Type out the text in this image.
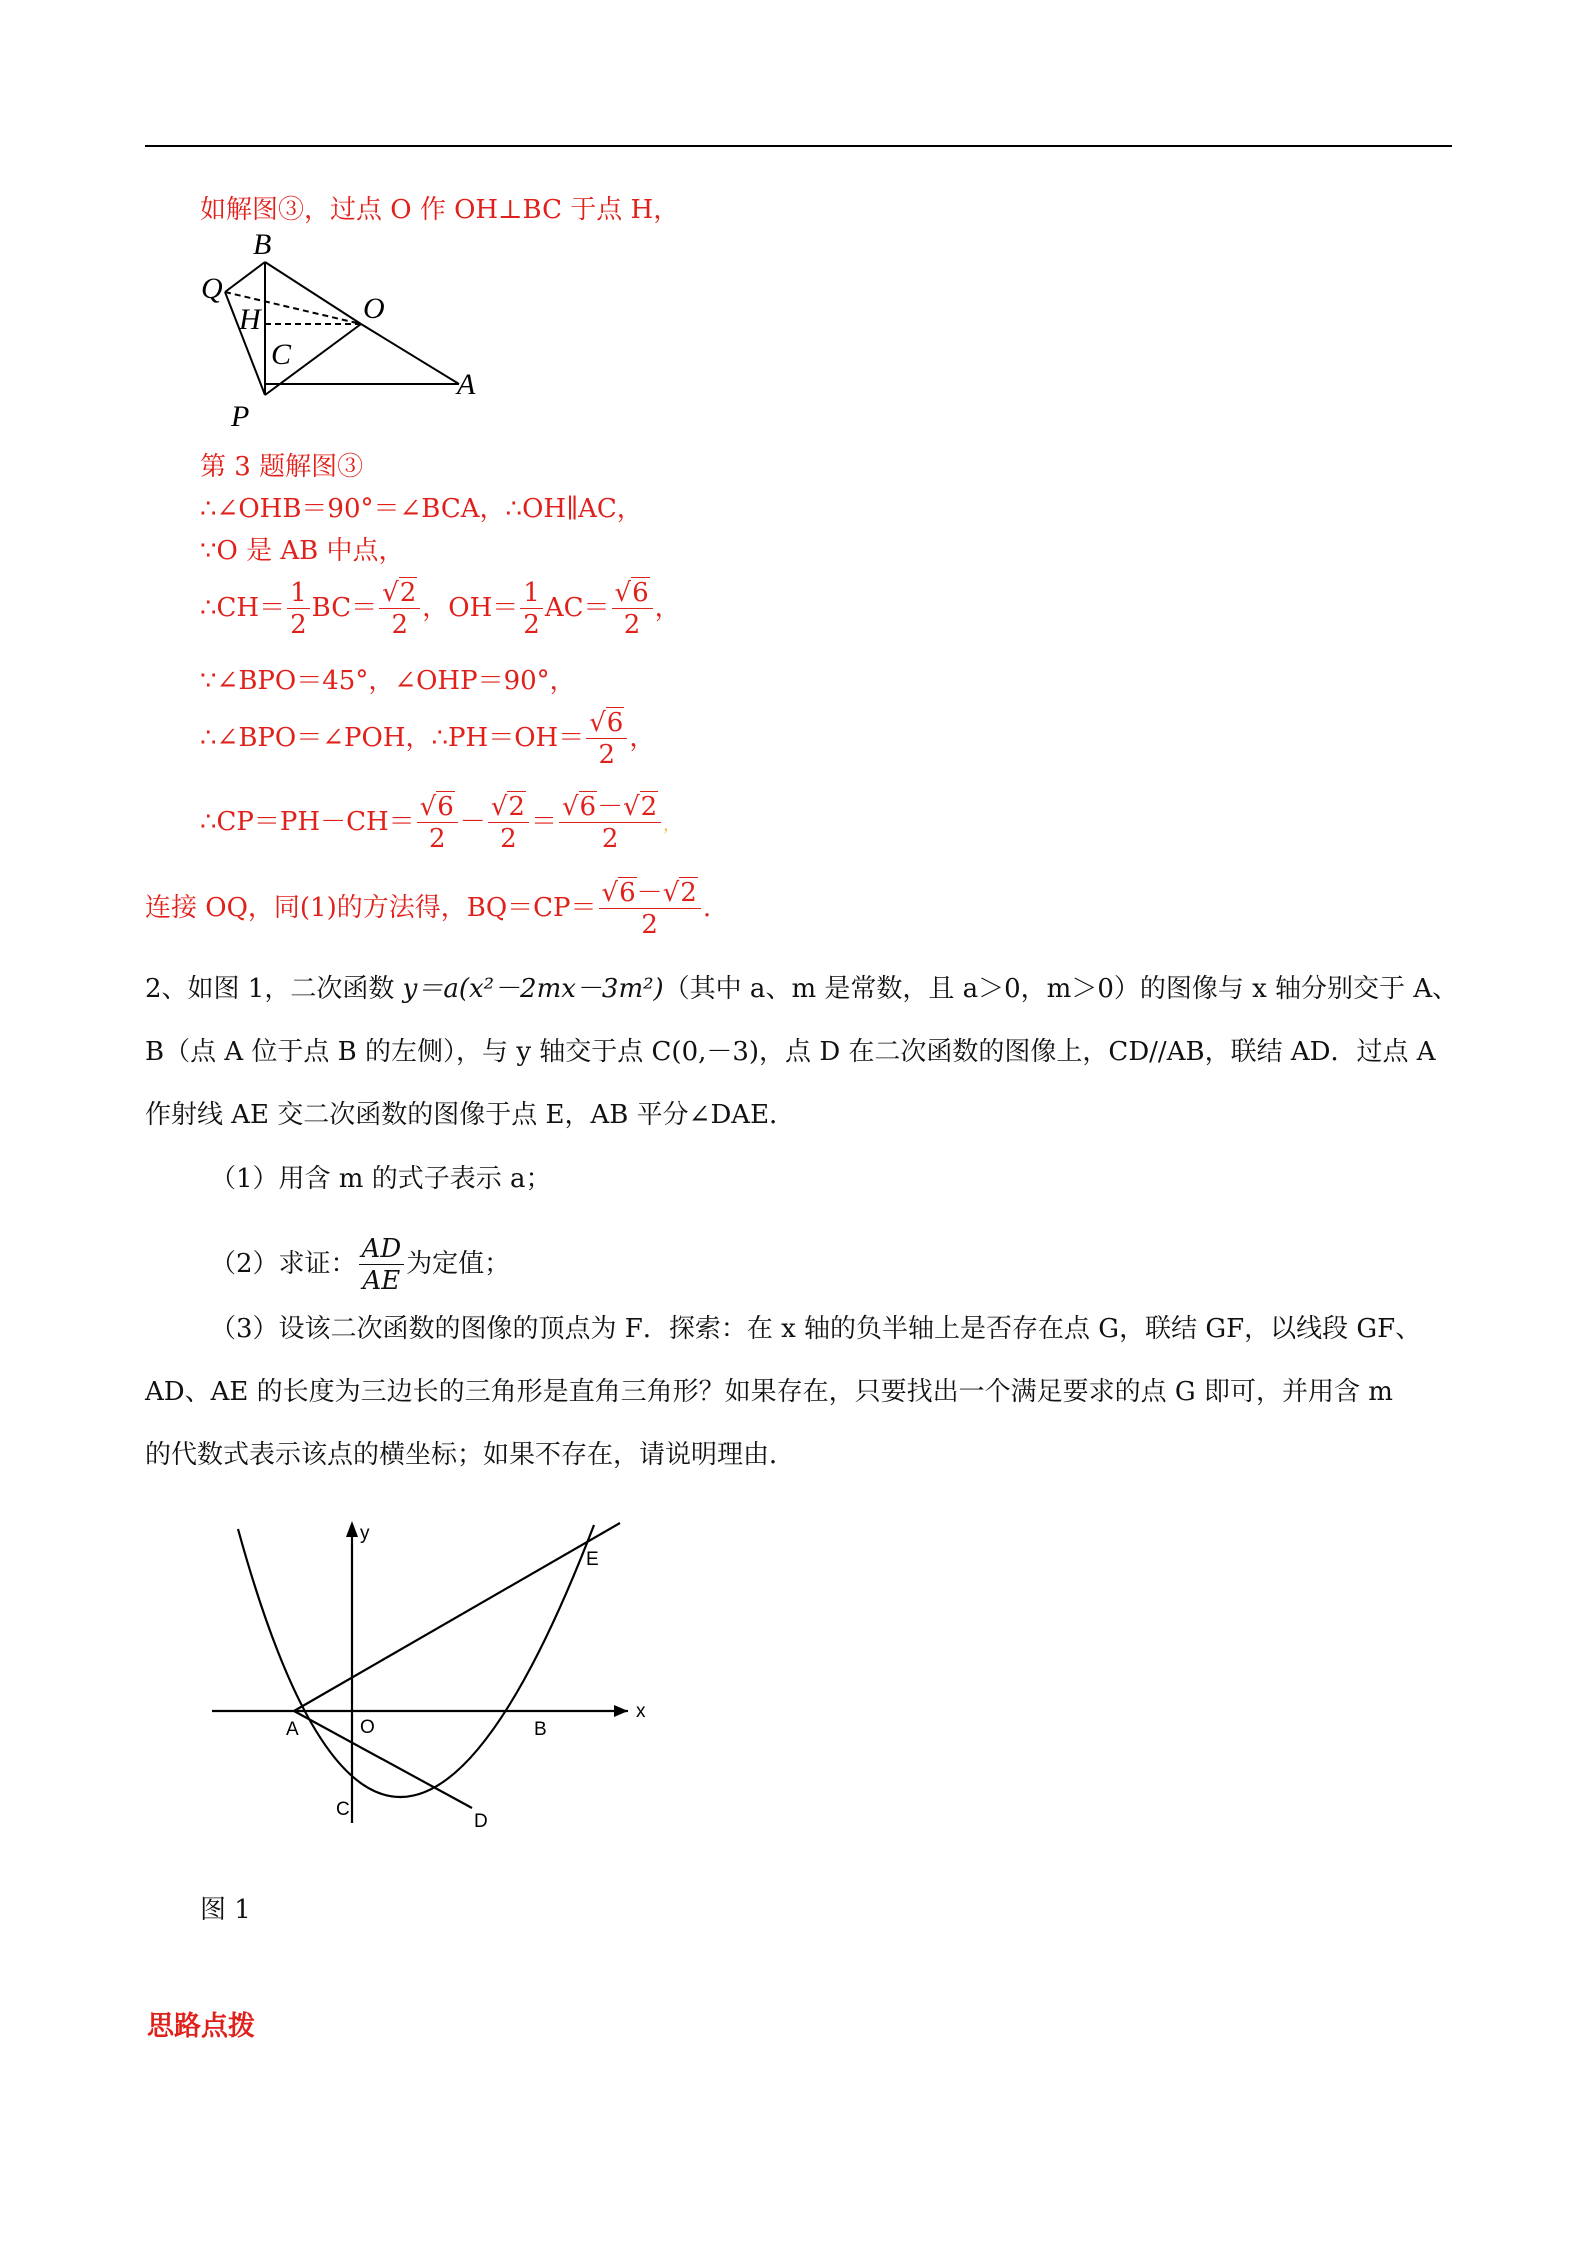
如解图③，过点 O 作 OH⊥BC 于点 H，
B
Q
H	O
C
A
P
第 3 题解图③
∴∠OHB＝90°＝∠BCA，∴OH∥AC，
∵O 是 AB 中点，
∴CH＝ $\frac{1}{2} BC= \frac{√2}{2}$ ，$OH= \frac{1}{2} AC= \frac{√6}{2}$ ，
∵∠BPO＝45°，∠OHP＝90°，
∴∠BPO＝∠POH，∴PH＝OH＝ $\frac{√6}{2}$ ，
∴CP＝PH－CH＝ $\frac{√6}{2} - \frac{√2}{2} = \frac{√6-√2}{2}$ ，
连接 OQ，同(1)的方法得，$BQ=CP= \frac{√6-√2}{2}$ .
2、如图 1，二次函数 y＝a(x²－2mx－3m²)（其中 a、m 是常数，且 a＞0，m＞0）的图像与 x 轴分别交于 A、
B（点 A 位于点 B 的左侧），与 y 轴交于点 C(0,－3)，点 D 在二次函数的图像上，CD//AB，联结 AD．过点 A
作射线 AE 交二次函数的图像于点 E，AB 平分∠DAE．
（1）用含 m 的式子表示 a；
（2）求证： $\frac{AD}{AE}$ 为定值；
（3）设该二次函数的图像的顶点为 F．探索：在 x 轴的负半轴上是否存在点 G，联结 GF，以线段 GF、
AD、AE 的长度为三边长的三角形是直角三角形？如果存在，只要找出一个满足要求的点 G 即可，并用含 m
的代数式表示该点的横坐标；如果不存在，请说明理由．
y
x
A	O	B
C
D
E
图 1
思路点拨
